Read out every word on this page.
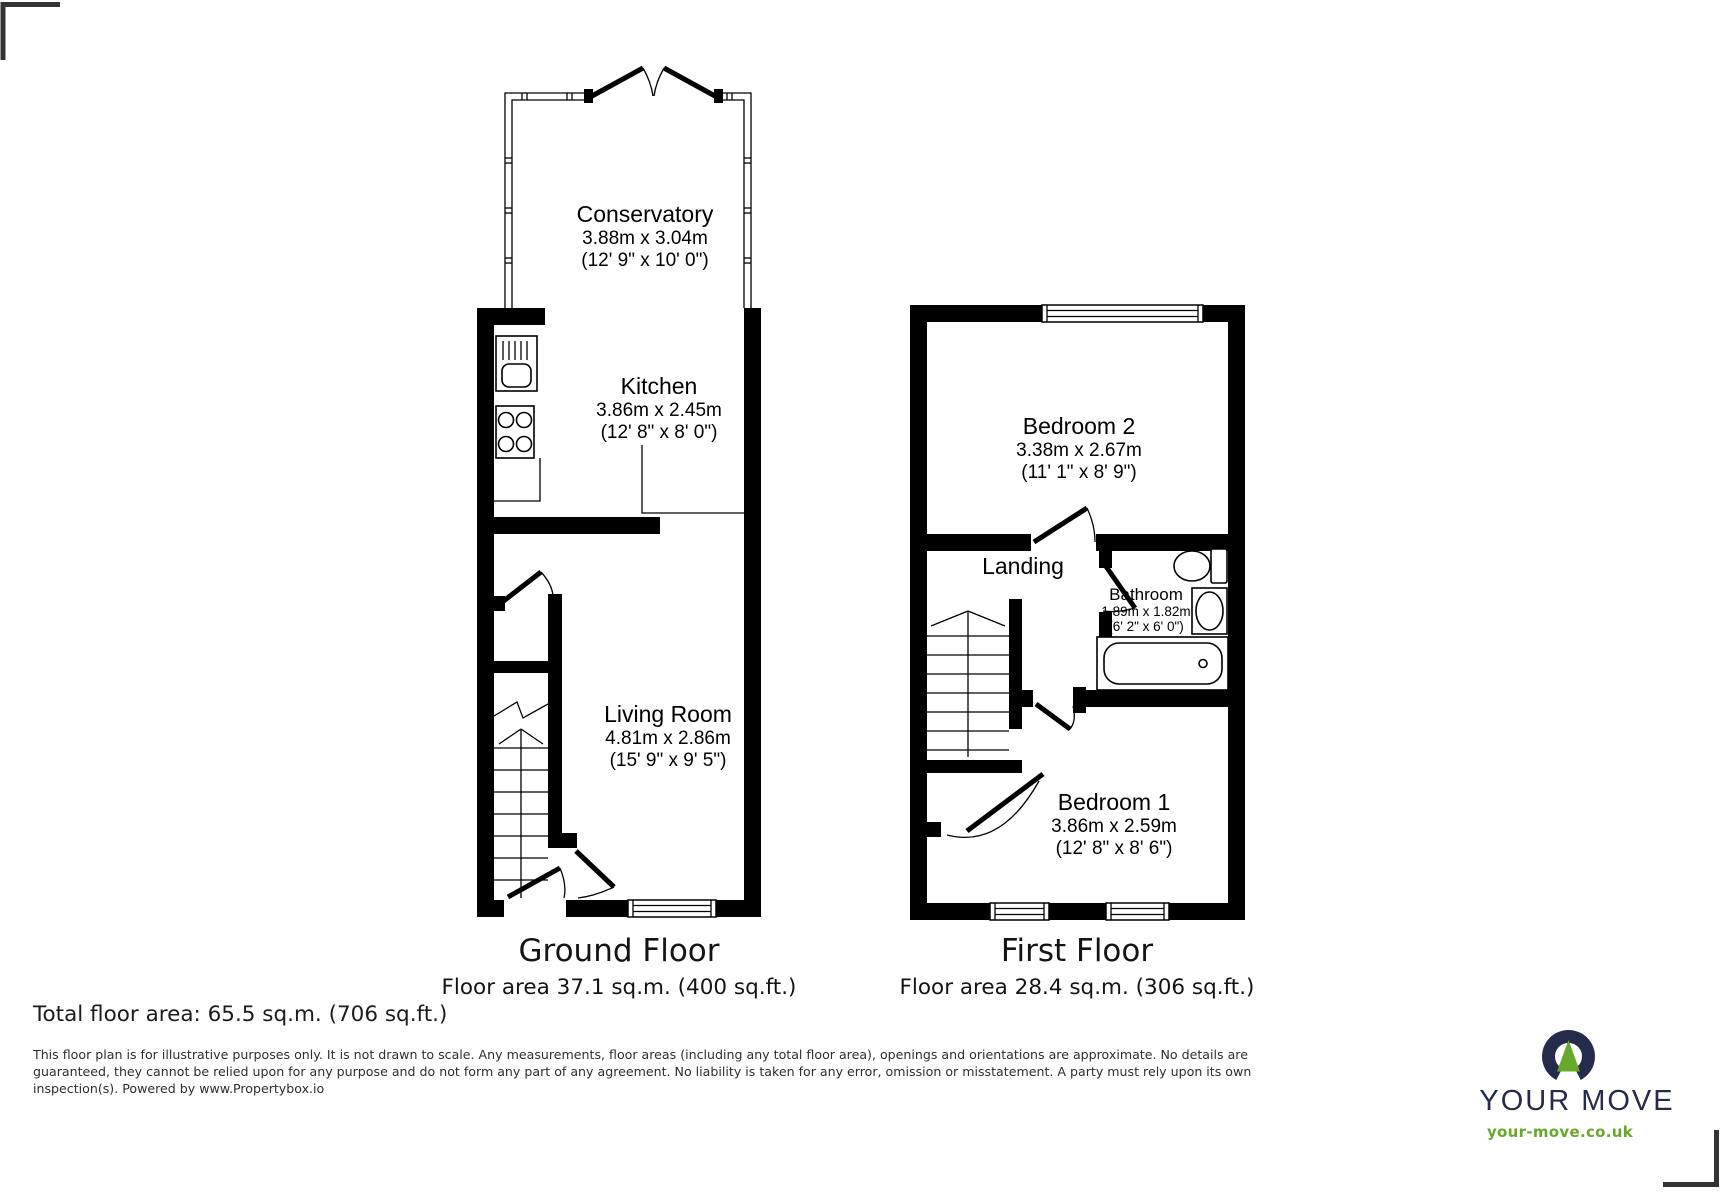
Conservatory
3.88m x 3.04m
(12' 9" x 10' 0")
Kitchen
3.86m x 2.45m
(12' 8" x 8' 0")
Living Room
4.81m x 2.86m
(15' 9" x 9' 5")
Bedroom 2
3.38m x 2.67m
(11' 1" x 8' 9")
Landing
Bathroom
1.89m x 1.82m
(6' 2" x 6' 0")
Bedroom 1
3.86m x 2.59m
(12' 8" x 8' 6")
Ground Floor
Floor area 37.1 sq.m. (400 sq.ft.)
First Floor
Floor area 28.4 sq.m. (306 sq.ft.)
Total floor area: 65.5 sq.m. (706 sq.ft.)
This floor plan is for illustrative purposes only. It is not drawn to scale. Any measurements, floor areas (including any total floor area), openings and orientations are approximate. No details are
guaranteed, they cannot be relied upon for any purpose and do not form any part of any agreement. No liability is taken for any error, omission or misstatement. A party must rely upon its own
inspection(s). Powered by www.Propertybox.io	YOUR MOVE
your-move.co.uk
